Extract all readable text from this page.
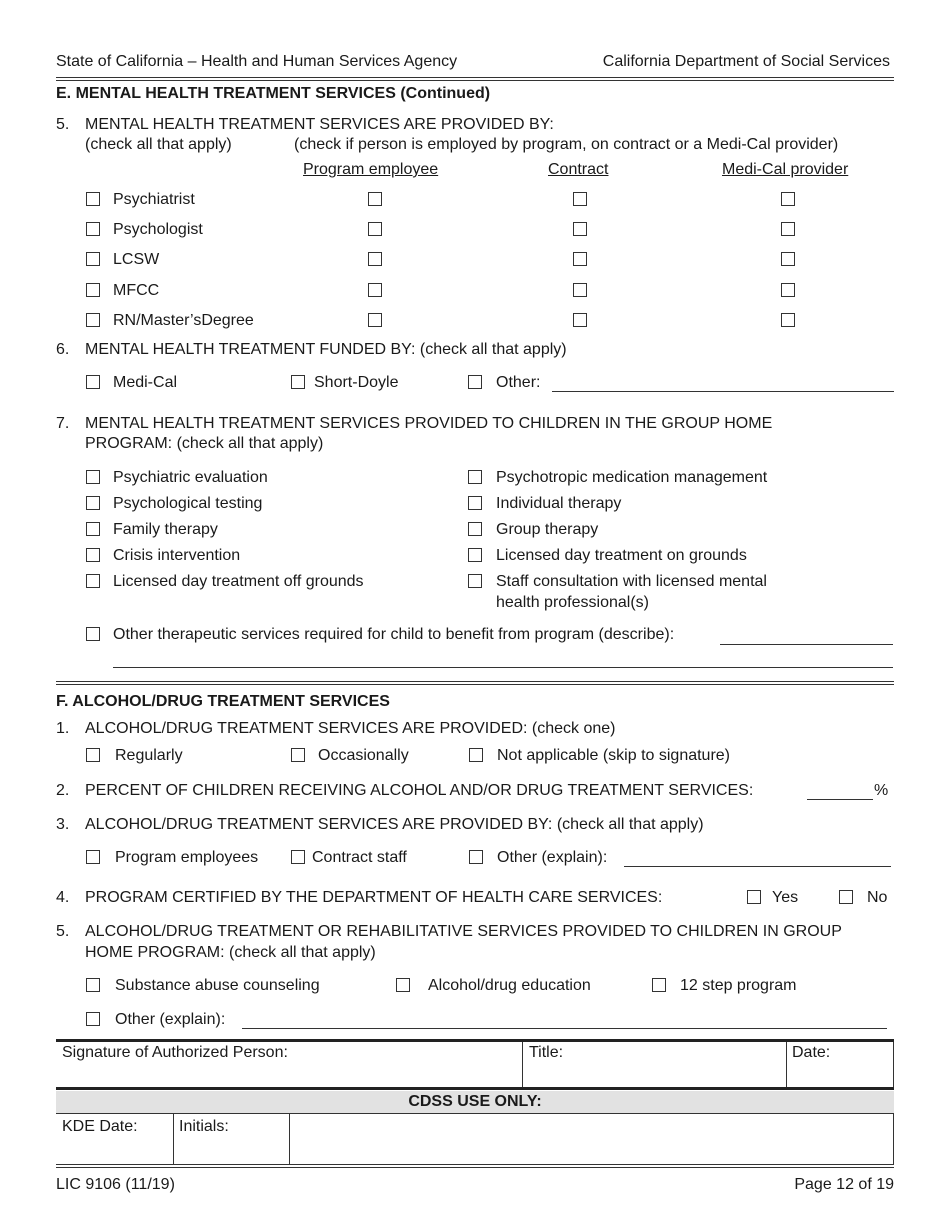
State of California – Health and Human Services Agency	California Department of Social Services
E. MENTAL HEALTH TREATMENT SERVICES (Continued)
5. MENTAL HEALTH TREATMENT SERVICES ARE PROVIDED BY:
(check all that apply)	(check if person is employed by program, on contract or a Medi-Cal provider)
Program employee	Contract	Medi-Cal provider
Psychiatrist
Psychologist
LCSW
MFCC
RN/Master’sDegree
6. MENTAL HEALTH TREATMENT FUNDED BY: (check all that apply)
Medi-Cal	Short-Doyle	Other:
7. MENTAL HEALTH TREATMENT SERVICES PROVIDED TO CHILDREN IN THE GROUP HOME
PROGRAM: (check all that apply)
Psychiatric evaluation	Psychotropic medication management
Psychological testing	Individual therapy
Family therapy	Group therapy
Crisis intervention	Licensed day treatment on grounds
Licensed day treatment off grounds	Staff consultation with licensed mental
health professional(s)
Other therapeutic services required for child to benefit from program (describe):
F. ALCOHOL/DRUG TREATMENT SERVICES
1. ALCOHOL/DRUG TREATMENT SERVICES ARE PROVIDED: (check one)
Regularly	Occasionally	Not applicable (skip to signature)
2. PERCENT OF CHILDREN RECEIVING ALCOHOL AND/OR DRUG TREATMENT SERVICES:	%
3. ALCOHOL/DRUG TREATMENT SERVICES ARE PROVIDED BY: (check all that apply)
Program employees	Contract staff	Other (explain):
4. PROGRAM CERTIFIED BY THE DEPARTMENT OF HEALTH CARE SERVICES:	Yes	No
5. ALCOHOL/DRUG TREATMENT OR REHABILITATIVE SERVICES PROVIDED TO CHILDREN IN GROUP
HOME PROGRAM: (check all that apply)
Substance abuse counseling	Alcohol/drug education	12 step program
Other (explain):
Signature of Authorized Person:	Title:	Date:
CDSS USE ONLY:
KDE Date:	Initials:
LIC 9106 (11/19)	Page 12 of 19
